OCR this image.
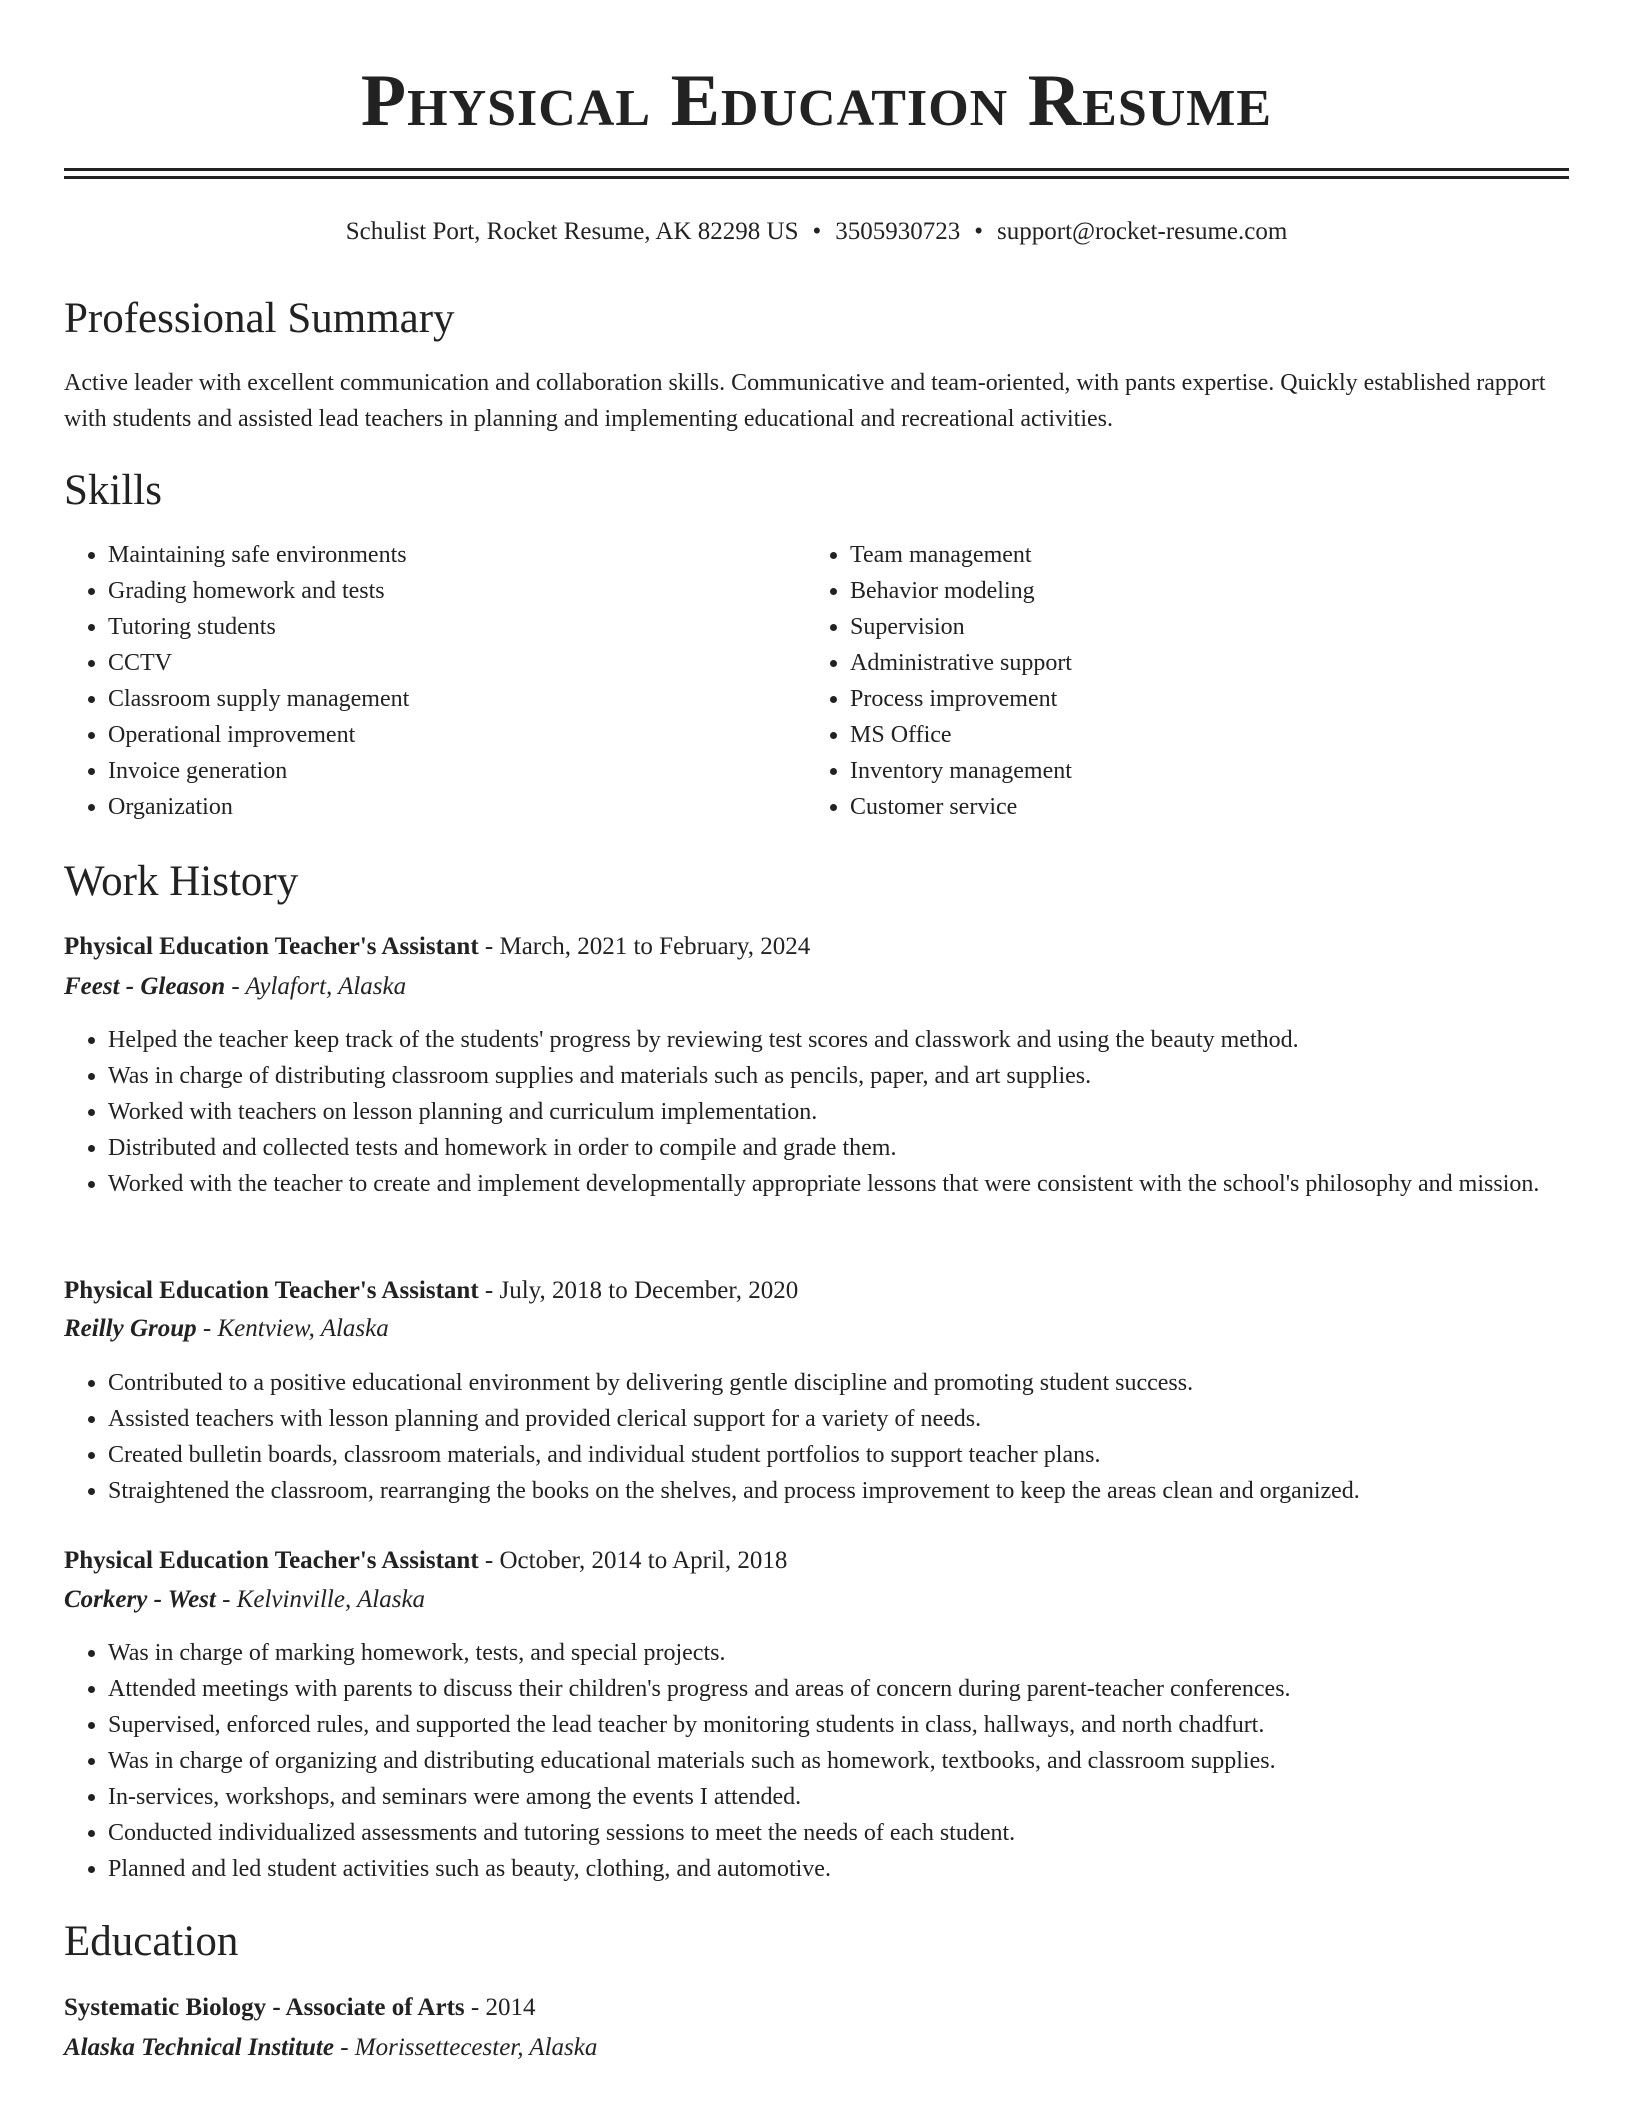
Physical Education Resume
Schulist Port, Rocket Resume, AK 82298 US • 3505930723 • support@rocket-resume.com
Professional Summary

Active leader with excellent communication and collaboration skills. Communicative and team-oriented, with pants expertise. Quickly established rapport with students and assisted lead teachers in planning and implementing educational and recreational activities.

Skills
• Maintaining safe environments
• Grading homework and tests
• Tutoring students
• CCTV
• Classroom supply management
• Operational improvement
• Invoice generation
• Organization
• Team management
• Behavior modeling
• Supervision
• Administrative support
• Process improvement
• MS Office
• Inventory management
• Customer service
Work History
Physical Education Teacher's Assistant - March, 2021 to February, 2024
Feest - Gleason - Aylafort, Alaska
• Helped the teacher keep track of the students' progress by reviewing test scores and classwork and using the beauty method.
• Was in charge of distributing classroom supplies and materials such as pencils, paper, and art supplies.
• Worked with teachers on lesson planning and curriculum implementation.
• Distributed and collected tests and homework in order to compile and grade them.
• Worked with the teacher to create and implement developmentally appropriate lessons that were consistent with the school's philosophy and mission.
Physical Education Teacher's Assistant - July, 2018 to December, 2020
Reilly Group - Kentview, Alaska
• Contributed to a positive educational environment by delivering gentle discipline and promoting student success.
• Assisted teachers with lesson planning and provided clerical support for a variety of needs.
• Created bulletin boards, classroom materials, and individual student portfolios to support teacher plans.
• Straightened the classroom, rearranging the books on the shelves, and process improvement to keep the areas clean and organized.
Physical Education Teacher's Assistant - October, 2014 to April, 2018
Corkery - West - Kelvinville, Alaska
• Was in charge of marking homework, tests, and special projects.
• Attended meetings with parents to discuss their children's progress and areas of concern during parent-teacher conferences.
• Supervised, enforced rules, and supported the lead teacher by monitoring students in class, hallways, and north chadfurt.
• Was in charge of organizing and distributing educational materials such as homework, textbooks, and classroom supplies.
• In-services, workshops, and seminars were among the events I attended.
• Conducted individualized assessments and tutoring sessions to meet the needs of each student.
• Planned and led student activities such as beauty, clothing, and automotive.
Education
Systematic Biology - Associate of Arts - 2014
Alaska Technical Institute - Morissettecester, Alaska
